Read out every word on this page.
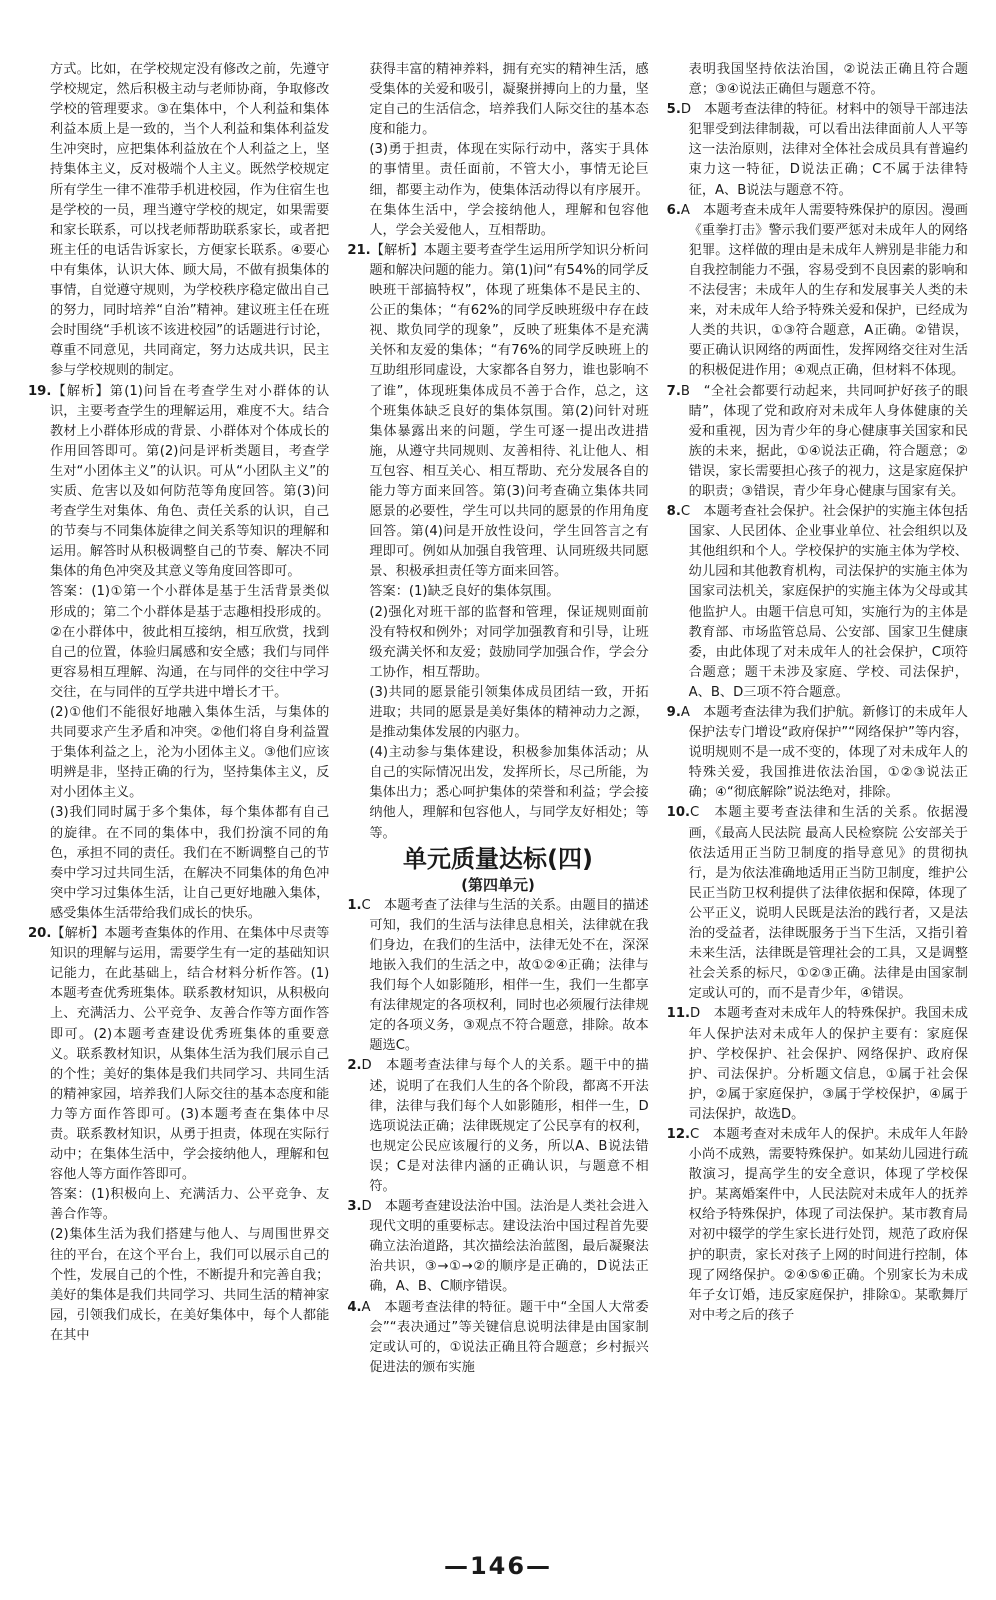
方式。比如，在学校规定没有修改之前，先遵守学校规定，然后积极主动与老师协商，争取修改学校的管理要求。③在集体中，个人利益和集体利益本质上是一致的，当个人利益和集体利益发生冲突时，应把集体利益放在个人利益之上，坚持集体主义，反对极端个人主义。既然学校规定所有学生一律不准带手机进校园，作为住宿生也是学校的一员，理当遵守学校的规定，如果需要和家长联系，可以找老师帮助联系家长，或者把班主任的电话告诉家长，方便家长联系。④要心中有集体，认识大体、顾大局，不做有损集体的事情，自觉遵守规则，为学校秩序稳定做出自己的努力，同时培养“自治”精神。建议班主任在班会时围绕“手机该不该进校园”的话题进行讨论，尊重不同意见，共同商定，努力达成共识，民主参与学校规则的制定。

19.【解析】第(1)问旨在考查学生对小群体的认识，主要考查学生的理解运用，难度不大。结合教材上小群体形成的背景、小群体对个体成长的作用回答即可。第(2)问是评析类题目，考查学生对“小团体主义”的认识。可从“小团队主义”的实质、危害以及如何防范等角度回答。第(3)问考查学生对集体、角色、责任关系的认识，自己的节奏与不同集体旋律之间关系等知识的理解和运用。解答时从积极调整自己的节奏、解决不同集体的角色冲突及其意义等角度回答即可。

答案：(1)①第一个小群体是基于生活背景类似形成的；第二个小群体是基于志趣相投形成的。②在小群体中，彼此相互接纳，相互欣赏，找到自己的位置，体验归属感和安全感；我们与同伴更容易相互理解、沟通，在与同伴的交往中学习交往，在与同伴的互学共进中增长才干。

(2)①他们不能很好地融入集体生活，与集体的共同要求产生矛盾和冲突。②他们将自身利益置于集体利益之上，沦为小团体主义。③他们应该明辨是非，坚持正确的行为，坚持集体主义，反对小团体主义。

(3)我们同时属于多个集体，每个集体都有自己的旋律。在不同的集体中，我们扮演不同的角色，承担不同的责任。我们在不断调整自己的节奏中学习过共同生活，在解决不同集体的角色冲突中学习过集体生活，让自己更好地融入集体，感受集体生活带给我们成长的快乐。

20.【解析】本题考查集体的作用、在集体中尽责等知识的理解与运用，需要学生有一定的基础知识记能力，在此基础上，结合材料分析作答。(1)本题考查优秀班集体。联系教材知识，从积极向上、充满活力、公平竞争、友善合作等方面作答即可。(2)本题考查建设优秀班集体的重要意义。联系教材知识，从集体生活为我们展示自己的个性；美好的集体是我们共同学习、共同生活的精神家园，培养我们人际交往的基本态度和能力等方面作答即可。(3)本题考查在集体中尽责。联系教材知识，从勇于担责，体现在实际行动中；在集体生活中，学会接纳他人，理解和包容他人等方面作答即可。

答案：(1)积极向上、充满活力、公平竞争、友善合作等。

(2)集体生活为我们搭建与他人、与周围世界交往的平台，在这个平台上，我们可以展示自己的个性，发展自己的个性，不断提升和完善自我；美好的集体是我们共同学习、共同生活的精神家园，引领我们成长，在美好集体中，每个人都能在其中

获得丰富的精神养料，拥有充实的精神生活，感受集体的关爱和吸引，凝聚拼搏向上的力量，坚定自己的生活信念，培养我们人际交往的基本态度和能力。

(3)勇于担责，体现在实际行动中，落实于具体的事情里。责任面前，不管大小，事情无论巨细，都要主动作为，使集体活动得以有序展开。在集体生活中，学会接纳他人，理解和包容他人，学会关爱他人，互相帮助。

21.【解析】本题主要考查学生运用所学知识分析问题和解决问题的能力。第(1)问“有54%的同学反映班干部搞特权”，体现了班集体不是民主的、公正的集体；“有62%的同学反映班级中存在歧视、欺负同学的现象”，反映了班集体不是充满关怀和友爱的集体；“有76%的同学反映班上的互助组形同虚设，大家都各自努力，谁也影响不了谁”，体现班集体成员不善于合作，总之，这个班集体缺乏良好的集体氛围。第(2)问针对班集体暴露出来的问题，学生可逐一提出改进措施，从遵守共同规则、友善相待、礼让他人、相互包容、相互关心、相互帮助、充分发展各自的能力等方面来回答。第(3)问考查确立集体共同愿景的必要性，学生可以共同的愿景的作用角度回答。第(4)问是开放性设问，学生回答言之有理即可。例如从加强自我管理、认同班级共同愿景、积极承担责任等方面来回答。

答案：(1)缺乏良好的集体氛围。

(2)强化对班干部的监督和管理，保证规则面前没有特权和例外；对同学加强教育和引导，让班级充满关怀和友爱；鼓励同学加强合作，学会分工协作，相互帮助。

(3)共同的愿景能引领集体成员团结一致，开拓进取；共同的愿景是美好集体的精神动力之源，是推动集体发展的内驱力。

(4)主动参与集体建设，积极参加集体活动；从自己的实际情况出发，发挥所长，尽己所能，为集体出力；悉心呵护集体的荣誉和利益；学会接纳他人，理解和包容他人，与同学友好相处；等等。

单元质量达标(四)

(第四单元)

1.C　本题考查了法律与生活的关系。由题目的描述可知，我们的生活与法律息息相关，法律就在我们身边，在我们的生活中，法律无处不在，深深地嵌入我们的生活之中，故①②④正确；法律与我们每个人如影随形，相伴一生，我们一生都享有法律规定的各项权利，同时也必须履行法律规定的各项义务，③观点不符合题意，排除。故本题选C。

2.D　本题考查法律与每个人的关系。题干中的描述，说明了在我们人生的各个阶段，都离不开法律，法律与我们每个人如影随形，相伴一生，D选项说法正确；法律既规定了公民享有的权利，也规定公民应该履行的义务，所以A、B说法错误；C是对法律内涵的正确认识，与题意不相符。

3.D　本题考查建设法治中国。法治是人类社会进入现代文明的重要标志。建设法治中国过程首先要确立法治道路，其次描绘法治蓝图，最后凝聚法治共识，③→①→②的顺序是正确的，D说法正确，A、B、C顺序错误。

4.A　本题考查法律的特征。题干中“全国人大常委会”“表决通过”等关键信息说明法律是由国家制定或认可的，①说法正确且符合题意；乡村振兴促进法的颁布实施

表明我国坚持依法治国，②说法正确且符合题意；③④说法正确但与题意不符。

5.D　本题考查法律的特征。材料中的领导干部违法犯罪受到法律制裁，可以看出法律面前人人平等这一法治原则，法律对全体社会成员具有普遍约束力这一特征，D说法正确；C不属于法律特征，A、B说法与题意不符。

6.A　本题考查未成年人需要特殊保护的原因。漫画《重拳打击》警示我们要严惩对未成年人的网络犯罪。这样做的理由是未成年人辨别是非能力和自我控制能力不强，容易受到不良因素的影响和不法侵害；未成年人的生存和发展事关人类的未来，对未成年人给予特殊关爱和保护，已经成为人类的共识，①③符合题意，A正确。②错误，要正确认识网络的两面性，发挥网络交往对生活的积极促进作用；④观点正确，但材料不体现。

7.B　“全社会都要行动起来，共同呵护好孩子的眼睛”，体现了党和政府对未成年人身体健康的关爱和重视，因为青少年的身心健康事关国家和民族的未来，据此，①④说法正确，符合题意；②错误，家长需要担心孩子的视力，这是家庭保护的职责；③错误，青少年身心健康与国家有关。

8.C　本题考查社会保护。社会保护的实施主体包括国家、人民团体、企业事业单位、社会组织以及其他组织和个人。学校保护的实施主体为学校、幼儿园和其他教育机构，司法保护的实施主体为国家司法机关，家庭保护的实施主体为父母或其他监护人。由题干信息可知，实施行为的主体是教育部、市场监管总局、公安部、国家卫生健康委，由此体现了对未成年人的社会保护，C项符合题意；题干未涉及家庭、学校、司法保护，A、B、D三项不符合题意。

9.A　本题考查法律为我们护航。新修订的未成年人保护法专门增设“政府保护”“网络保护”等内容，说明规则不是一成不变的，体现了对未成年人的特殊关爱，我国推进依法治国，①②③说法正确；④“彻底解除”说法绝对，排除。

10.C　本题主要考查法律和生活的关系。依据漫画，《最高人民法院 最高人民检察院 公安部关于依法适用正当防卫制度的指导意见》的贯彻执行，是为依法准确地适用正当防卫制度，维护公民正当防卫权利提供了法律依据和保障，体现了公平正义，说明人民既是法治的践行者，又是法治的受益者，法律既服务于当下生活，又指引着未来生活，法律既是管理社会的工具，又是调整社会关系的标尺，①②③正确。法律是由国家制定或认可的，而不是青少年，④错误。

11.D　本题考查对未成年人的特殊保护。我国未成年人保护法对未成年人的保护主要有：家庭保护、学校保护、社会保护、网络保护、政府保护、司法保护。分析题文信息，①属于社会保护，②属于家庭保护，③属于学校保护，④属于司法保护，故选D。

12.C　本题考查对未成年人的保护。未成年人年龄小尚不成熟，需要特殊保护。如某幼儿园进行疏散演习，提高学生的安全意识，体现了学校保护。某离婚案件中，人民法院对未成年人的抚养权给予特殊保护，体现了司法保护。某市教育局对初中辍学的学生家长进行处罚，规范了政府保护的职责，家长对孩子上网的时间进行控制，体现了网络保护。②④⑤⑥正确。个别家长为未成年子女订婚，违反家庭保护，排除①。某歌舞厅对中考之后的孩子

—146—
